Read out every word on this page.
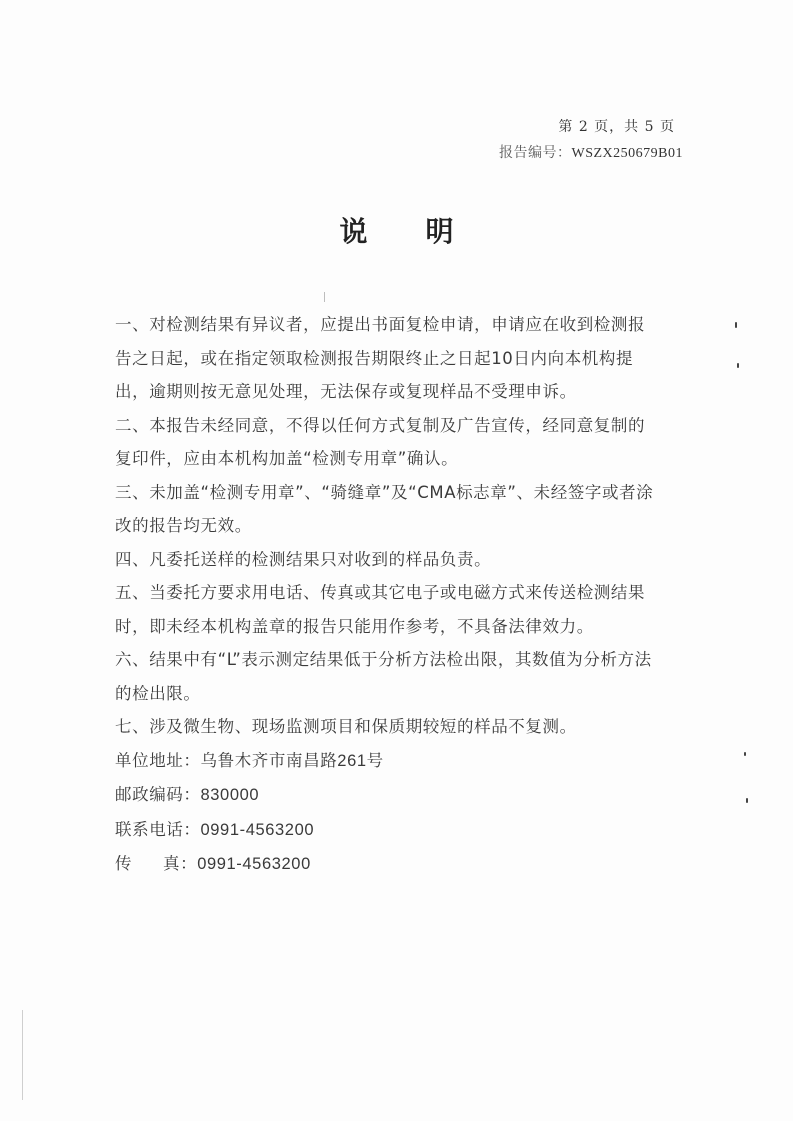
第 2 页，共 5 页
报告编号：WSZX250679B01
说明

一、对检测结果有异议者，应提出书面复检申请，申请应在收到检测报告之日起，或在指定领取检测报告期限终止之日起10日内向本机构提出，逾期则按无意见处理，无法保存或复现样品不受理申诉。

二、本报告未经同意，不得以任何方式复制及广告宣传，经同意复制的复印件，应由本机构加盖“检测专用章”确认。

三、未加盖“检测专用章”、“骑缝章”及“CMA标志章”、未经签字或者涂改的报告均无效。

四、凡委托送样的检测结果只对收到的样品负责。

五、当委托方要求用电话、传真或其它电子或电磁方式来传送检测结果时，即未经本机构盖章的报告只能用作参考，不具备法律效力。

六、结果中有“L”表示测定结果低于分析方法检出限，其数值为分析方法的检出限。

七、涉及微生物、现场监测项目和保质期较短的样品不复测。

单位地址：乌鲁木齐市南昌路261号
邮政编码：830000
联系电话：0991-4563200
传 真：0991-4563200
